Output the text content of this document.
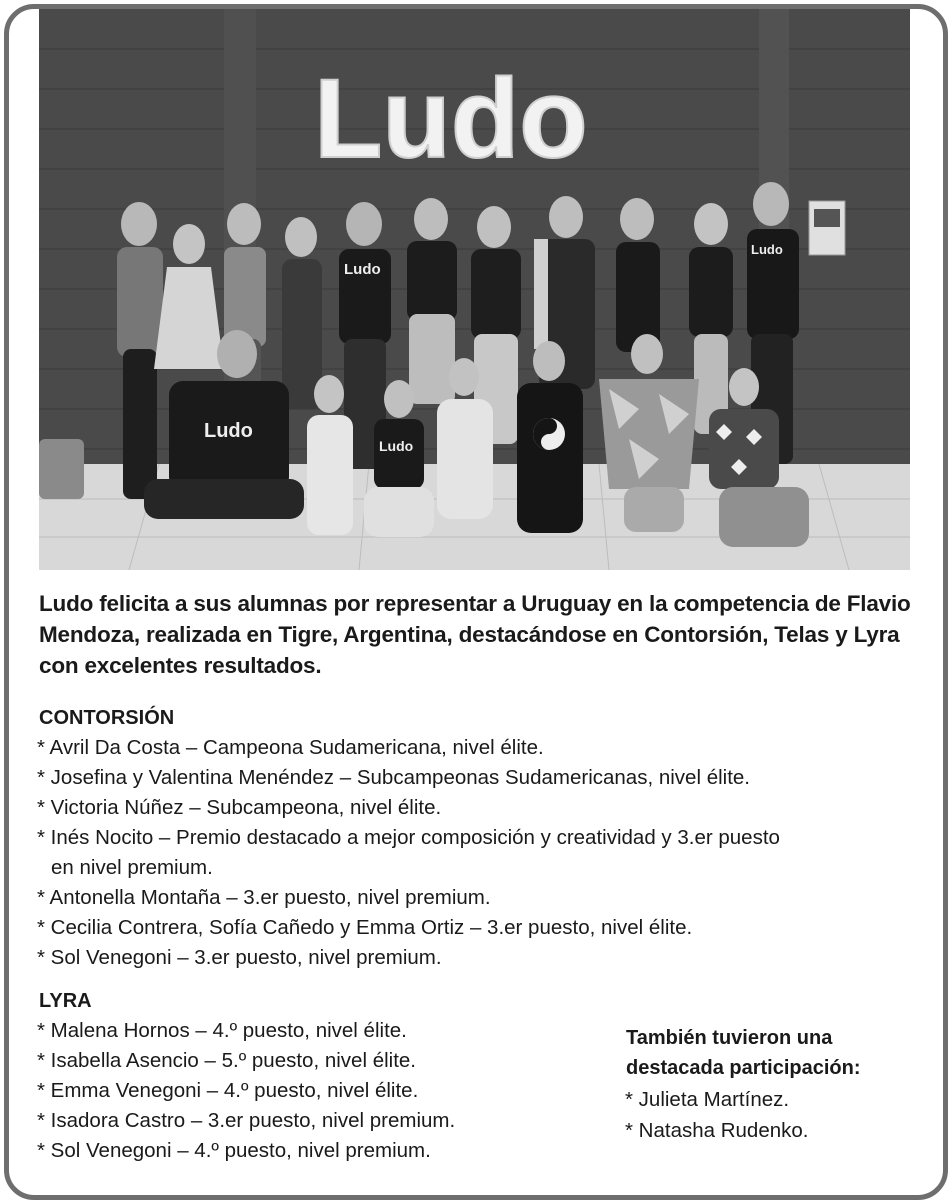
Ludo
Ludo
Ludo
Ludo
Ludo

Ludo felicita a sus alumnas por representar a Uruguay en la competencia de Flavio Mendoza, realizada en Tigre, Argentina, destacándose en Contorsión, Telas y Lyra con excelentes resultados.

CONTORSIÓN
* Avril Da Costa – Campeona Sudamericana, nivel élite.
* Josefina y Valentina Menéndez – Subcampeonas Sudamericanas, nivel élite.
* Victoria Núñez – Subcampeona, nivel élite.
* Inés Nocito – Premio destacado a mejor composición y creatividad y 3.er puesto
en nivel premium.
* Antonella Montaña – 3.er puesto, nivel premium.
* Cecilia Contrera, Sofía Cañedo y Emma Ortiz – 3.er puesto, nivel élite.
* Sol Venegoni – 3.er puesto, nivel premium.
LYRA
* Malena Hornos – 4.º puesto, nivel élite.
* Isabella Asencio – 5.º puesto, nivel élite.
* Emma Venegoni – 4.º puesto, nivel élite.
* Isadora Castro – 3.er puesto, nivel premium.
* Sol Venegoni – 4.º puesto, nivel premium.

También tuvieron una
destacada participación:

* Julieta Martínez.
* Natasha Rudenko.
